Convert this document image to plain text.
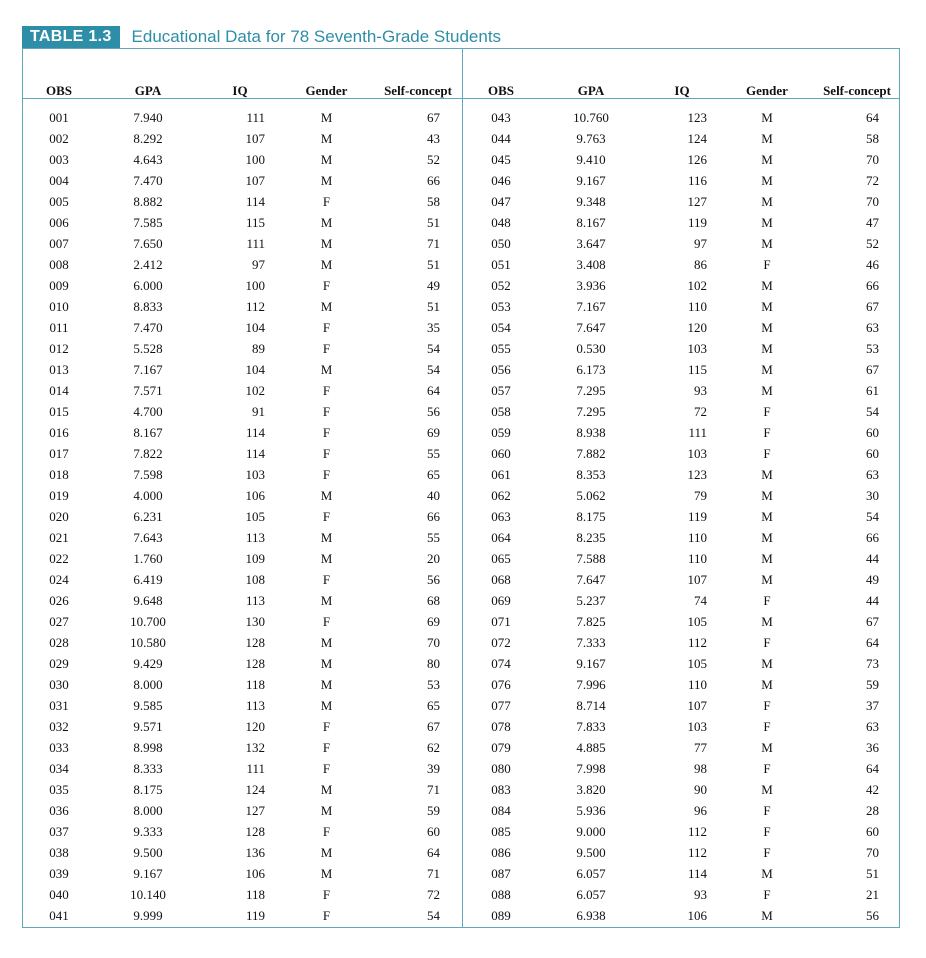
TABLE 1.3	Educational Data for 78 Seventh-Grade Students
OBS	GPA	IQ	Gender	Self-concept
001	7.940	111	M	67
002	8.292	107	M	43
003	4.643	100	M	52
004	7.470	107	M	66
005	8.882	114	F	58
006	7.585	115	M	51
007	7.650	111	M	71
008	2.412	97	M	51
009	6.000	100	F	49
010	8.833	112	M	51
011	7.470	104	F	35
012	5.528	89	F	54
013	7.167	104	M	54
014	7.571	102	F	64
015	4.700	91	F	56
016	8.167	114	F	69
017	7.822	114	F	55
018	7.598	103	F	65
019	4.000	106	M	40
020	6.231	105	F	66
021	7.643	113	M	55
022	1.760	109	M	20
024	6.419	108	F	56
026	9.648	113	M	68
027	10.700	130	F	69
028	10.580	128	M	70
029	9.429	128	M	80
030	8.000	118	M	53
031	9.585	113	M	65
032	9.571	120	F	67
033	8.998	132	F	62
034	8.333	111	F	39
035	8.175	124	M	71
036	8.000	127	M	59
037	9.333	128	F	60
038	9.500	136	M	64
039	9.167	106	M	71
040	10.140	118	F	72
041	9.999	119	F	54
OBS	GPA	IQ	Gender	Self-concept
043	10.760	123	M	64
044	9.763	124	M	58
045	9.410	126	M	70
046	9.167	116	M	72
047	9.348	127	M	70
048	8.167	119	M	47
050	3.647	97	M	52
051	3.408	86	F	46
052	3.936	102	M	66
053	7.167	110	M	67
054	7.647	120	M	63
055	0.530	103	M	53
056	6.173	115	M	67
057	7.295	93	M	61
058	7.295	72	F	54
059	8.938	111	F	60
060	7.882	103	F	60
061	8.353	123	M	63
062	5.062	79	M	30
063	8.175	119	M	54
064	8.235	110	M	66
065	7.588	110	M	44
068	7.647	107	M	49
069	5.237	74	F	44
071	7.825	105	M	67
072	7.333	112	F	64
074	9.167	105	M	73
076	7.996	110	M	59
077	8.714	107	F	37
078	7.833	103	F	63
079	4.885	77	M	36
080	7.998	98	F	64
083	3.820	90	M	42
084	5.936	96	F	28
085	9.000	112	F	60
086	9.500	112	F	70
087	6.057	114	M	51
088	6.057	93	F	21
089	6.938	106	M	56
